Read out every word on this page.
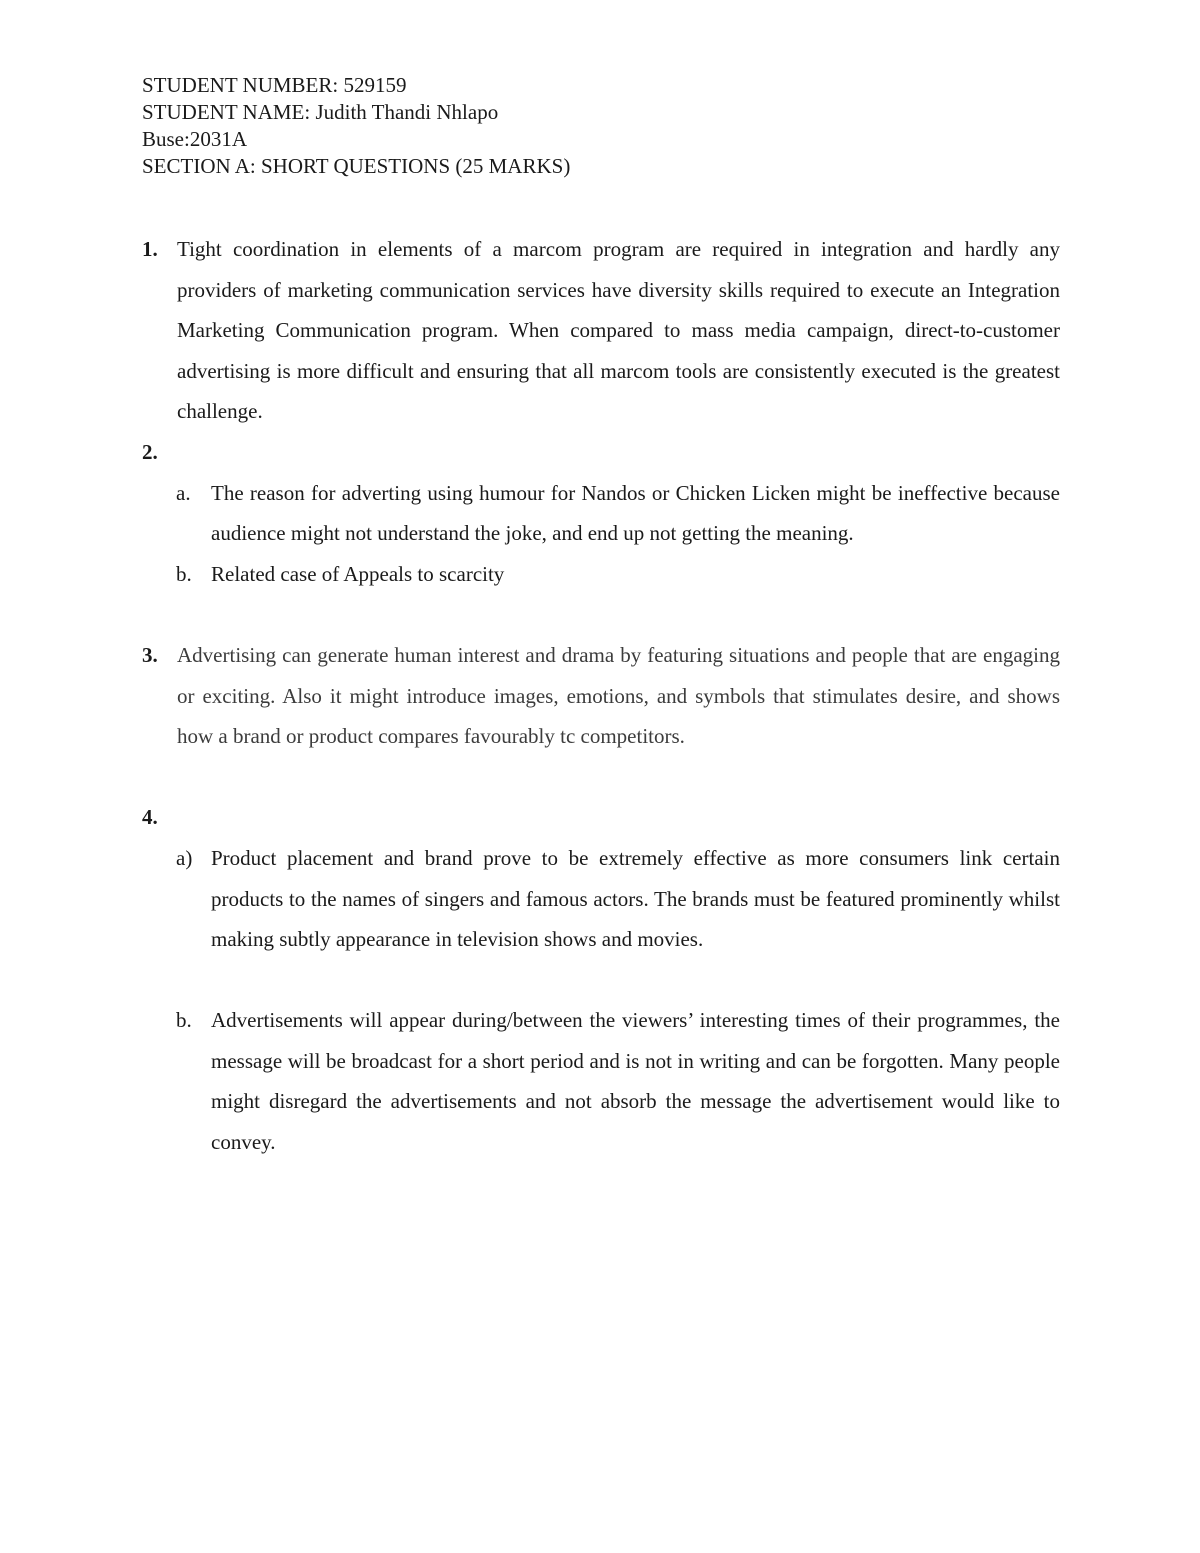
STUDENT NUMBER: 529159
STUDENT NAME: Judith Thandi Nhlapo
Buse:2031A
SECTION A: SHORT QUESTIONS (25 MARKS)
1. Tight coordination in elements of a marcom program are required in integration and hardly any providers of marketing communication services have diversity skills required to execute an Integration Marketing Communication program. When compared to mass media campaign, direct-to-customer advertising is more difficult and ensuring that all marcom tools are consistently executed is the greatest challenge.
2.

a. The reason for adverting using humour for Nandos or Chicken Licken might be ineffective because audience might not understand the joke, and end up not getting the meaning.
b. Related case of Appeals to scarcity
3. Advertising can generate human interest and drama by featuring situations and people that are engaging or exciting. Also it might introduce images, emotions, and symbols that stimulates desire, and shows how a brand or product compares favourably tc competitors.
4.

a) Product placement and brand prove to be extremely effective as more consumers link certain products to the names of singers and famous actors. The brands must be featured prominently whilst making subtly appearance in television shows and movies.
b. Advertisements will appear during/between the viewers’ interesting times of their programmes, the message will be broadcast for a short period and is not in writing and can be forgotten. Many people might disregard the advertisements and not absorb the message the advertisement would like to convey.
